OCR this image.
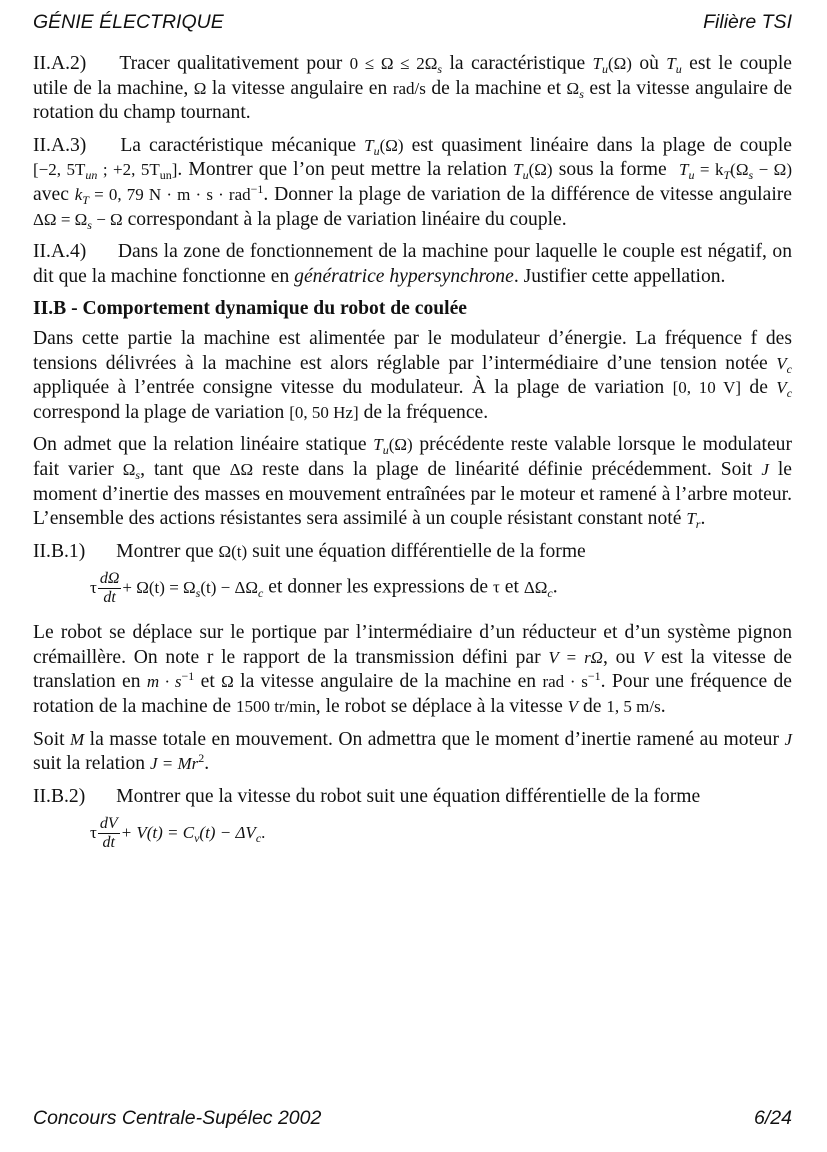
GÉNIE ÉLECTRIQUE	Filière TSI

II.A.2) Tracer qualitativement pour $0 \le \Omega \le 2\Omega_s$ la caractéristique $T_u(\Omega)$ où $T_u$ est le couple utile de la machine, Ω la vitesse angulaire en rad/s de la machine et $\Omega_s$ est la vitesse angulaire de rotation du champ tournant.

II.A.3) La caractéristique mécanique $T_u(\Omega)$ est quasiment linéaire dans la plage de couple [−2, $5T_{un}$ ; +2, $5T_{un}$]. Montrer que l’on peut mettre la relation $T_u(\Omega)$ sous la forme $T_u = k_T(\Omega_s - \Omega)$ avec $k_T = 0$, 79 N · m · s · rad$^{-1}$. Donner la plage de variation de la différence de vitesse angulaire $\Delta\Omega = \Omega_s - \Omega$ correspondant à la plage de variation linéaire du couple.

II.A.4) Dans la zone de fonctionnement de la machine pour laquelle le couple est négatif, on dit que la machine fonctionne en génératrice hypersynchrone. Justifier cette appellation.

II.B - Comportement dynamique du robot de coulée

Dans cette partie la machine est alimentée par le modulateur d’énergie. La fréquence f des tensions délivrées à la machine est alors réglable par l’intermédiaire d’une tension notée $V_c$ appliquée à l’entrée consigne vitesse du modulateur. À la plage de variation [0, 10 V] de $V_c$ correspond la plage de variation [0, 50 Hz] de la fréquence.

On admet que la relation linéaire statique $T_u(\Omega)$ précédente reste valable lorsque le modulateur fait varier $\Omega_s$, tant que ΔΩ reste dans la plage de linéarité définie précédemment. Soit J le moment d’inertie des masses en mouvement entraînées par le moteur et ramené à l’arbre moteur. L’ensemble des actions résistantes sera assimilé à un couple résistant constant noté $T_r$.

II.B.1) Montrer que Ω(t) suit une équation différentielle de la forme

τ $\frac{d\Omega}{dt} + \Omega(t) = \Omega_s(t) - \Delta\Omega_c$ et donner les expressions de τ et $\Delta\Omega_c$.

Le robot se déplace sur le portique par l’intermédiaire d’un réducteur et d’un système pignon crémaillère. On note r le rapport de la transmission défini par V = rΩ, ou V est la vitesse de translation en $m \cdot s^{-1}$ et Ω la vitesse angulaire de la machine en rad · $s^{-1}$. Pour une fréquence de rotation de la machine de 1500 tr/min, le robot se déplace à la vitesse V de 1, 5 m/s.

Soit M la masse totale en mouvement. On admettra que le moment d’inertie ramené au moteur J suit la relation $J = Mr^2$.

II.B.2) Montrer que la vitesse du robot suit une équation différentielle de la forme

τ $\frac{dV}{dt} + V(t) = C_v(t) - \Delta V_c$.
Concours Centrale-Supélec 2002	6/24
